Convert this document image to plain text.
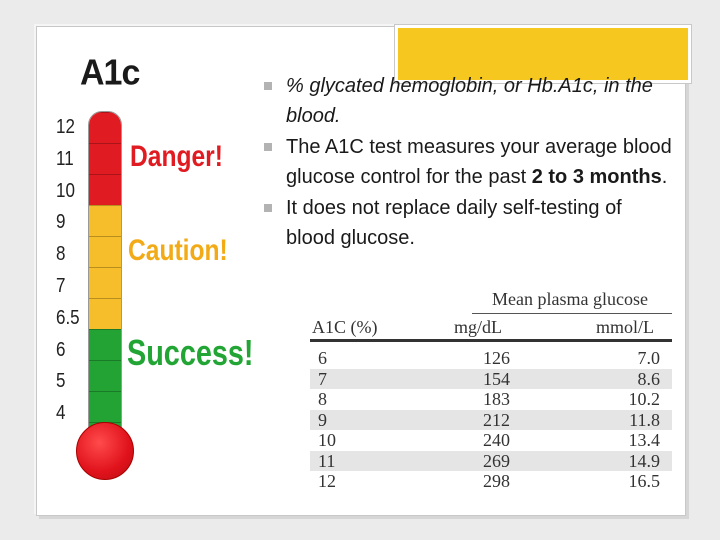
A1c
12
11
10
9
8
7
6.5
6
5
4
Danger!
Caution!
Success!
% glycated hemoglobin, or Hb.A1c, in the blood.
The A1C test measures your average blood glucose control for the past 2 to 3 months.
It does not replace daily self-testing of blood glucose.
Mean plasma glucose
A1C (%)	mg/dL	mmol/L
6	126	7.0
7	154	8.6
8	183	10.2
9	212	11.8
10	240	13.4
11	269	14.9
12	298	16.5
